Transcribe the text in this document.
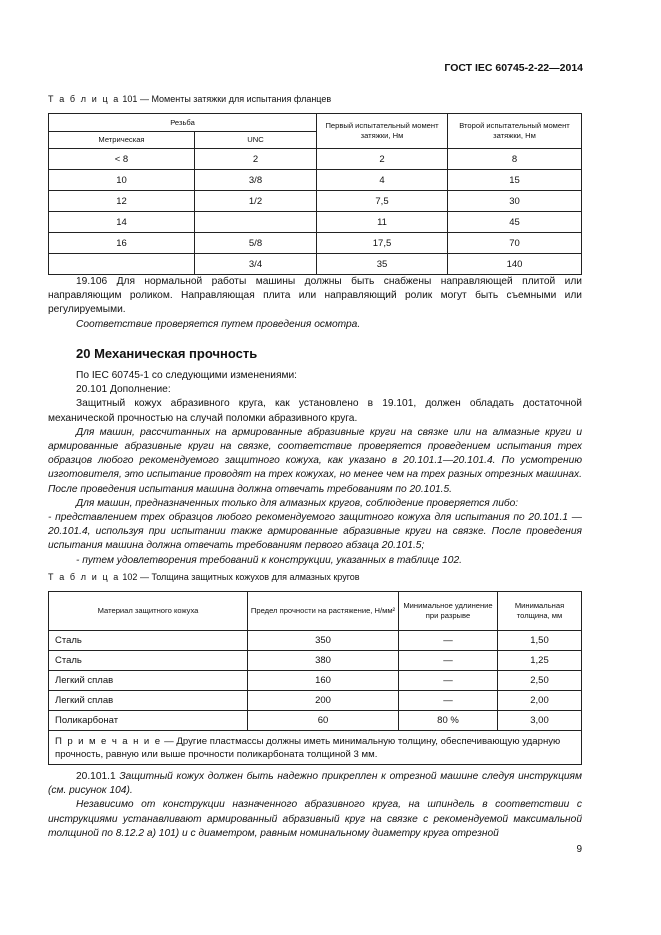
ГОСТ IEC 60745-2-22—2014
Т а б л и ц а 101 — Моменты затяжки для испытания фланцев
Резьба		Первый испытательный момент затяжки, Нм	Второй испытательный момент затяжки, Нм
Метрическая	UNC		
< 8	2	2	8
10	3/8	4	15
12	1/2	7,5	30
14		11	45
16	5/8	17,5	70
	3/4	35	140

19.106 Для нормальной работы машины должны быть снабжены направляющей плитой или направляющим роликом. Направляющая плита или направляющий ролик могут быть съемными или регулируемыми.

Соответствие проверяется путем проведения осмотра.

20 Механическая прочность

По IEC 60745-1 со следующими изменениями:

20.101 Дополнение:

Защитный кожух абразивного круга, как установлено в 19.101, должен обладать достаточной механической прочностью на случай поломки абразивного круга.

Для машин, рассчитанных на армированные абразивные круги на связке или на алмазные круги и армированные абразивные круги на связке, соответствие проверяется проведением испытания трех образцов любого рекомендуемого защитного кожуха, как указано в 20.101.1—20.101.4. По усмотрению изготовителя, это испытание проводят на трех кожухах, но менее чем на трех разных отрезных машинах. После проведения испытания машина должна отвечать требованиям по 20.101.5.

Для машин, предназначенных только для алмазных кругов, соблюдение проверяется либо:

- представлением трех образцов любого рекомендуемого защитного кожуха для испытания по 20.101.1 — 20.101.4, используя при испытании также армированные абразивные круги на связке. После проведения испытания машина должна отвечать требованиям первого абзаца 20.101.5;

- путем удовлетворения требований к конструкции, указанных в таблице 102.

Т а б л и ц а 102 — Толщина защитных кожухов для алмазных кругов
Материал защитного кожуха	Предел прочности на растяжение, Н/мм²	Минимальное удлинение при разрыве	Минимальная толщина, мм
Сталь	350	—	1,50
Сталь	380	—	1,25
Легкий сплав	160	—	2,50
Легкий сплав	200	—	2,00
Поликарбонат	60	80 %	3,00
П р и м е ч а н и е — Другие пластмассы должны иметь минимальную толщину, обеспечивающую ударную прочность, равную или выше прочности поликарбоната толщиной 3 мм.			

20.101.1 Защитный кожух должен быть надежно прикреплен к отрезной машине следуя инструкциям (см. рисунок 104).

Независимо от конструкции назначенного абразивного круга, на шпиндель в соответствии с инструкциями устанавливают армированный абразивный круг на связке с рекомендуемой максимальной толщиной по 8.12.2 a) 101) и с диаметром, равным номинальному диаметру круга отрезной

9
